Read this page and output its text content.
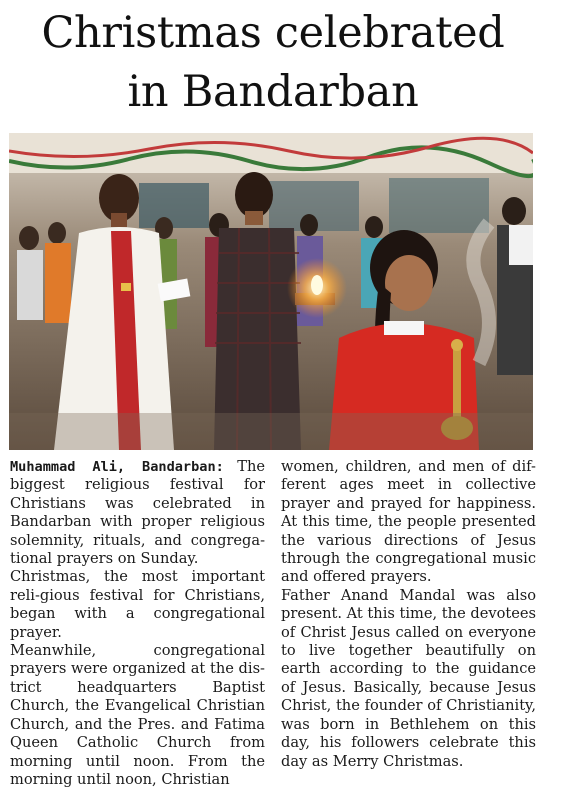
Christmas celebrated
in Bandarban

Muhammad Ali, Bandarban: The biggest religious festival for Christians was celebrated in Bandarban with proper religious solemnity, rituals, and congrega-tional prayers on Sunday.

Christmas, the most important reli-gious festival for Christians, began with a congregational prayer.

Meanwhile, congregational prayers were organized at the dis-trict headquarters Baptist Church, the Evangelical Christian Church, and the Pres. and Fatima Queen Catholic Church from morning until noon. From the morning until noon, Christian

women, children, and men of dif-ferent ages meet in collective prayer and prayed for happiness. At this time, the people presented the various directions of Jesus through the congregational music and offered prayers.

Father Anand Mandal was also present. At this time, the devotees of Christ Jesus called on everyone to live together beautifully on earth according to the guidance of Jesus. Basically, because Jesus Christ, the founder of Christianity, was born in Bethlehem on this day, his followers celebrate this day as Merry Christmas.
